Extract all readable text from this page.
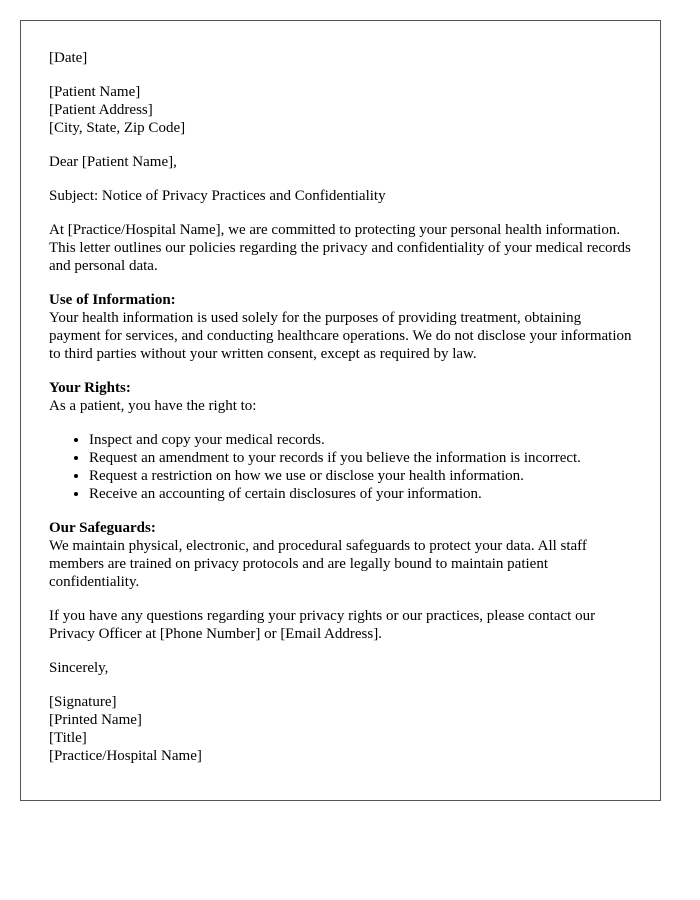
[Date]

[Patient Name]
[Patient Address]
[City, State, Zip Code]

Dear [Patient Name],

Subject: Notice of Privacy Practices and Confidentiality

At [Practice/Hospital Name], we are committed to protecting your personal health information. This letter outlines our policies regarding the privacy and confidentiality of your medical records and personal data.

Use of Information:
Your health information is used solely for the purposes of providing treatment, obtaining payment for services, and conducting healthcare operations. We do not disclose your information to third parties without your written consent, except as required by law.

Your Rights:
As a patient, you have the right to:

• Inspect and copy your medical records.
• Request an amendment to your records if you believe the information is incorrect.
• Request a restriction on how we use or disclose your health information.
• Receive an accounting of certain disclosures of your information.

Our Safeguards:
We maintain physical, electronic, and procedural safeguards to protect your data. All staff members are trained on privacy protocols and are legally bound to maintain patient confidentiality.

If you have any questions regarding your privacy rights or our practices, please contact our Privacy Officer at [Phone Number] or [Email Address].

Sincerely,

[Signature]
[Printed Name]
[Title]
[Practice/Hospital Name]
